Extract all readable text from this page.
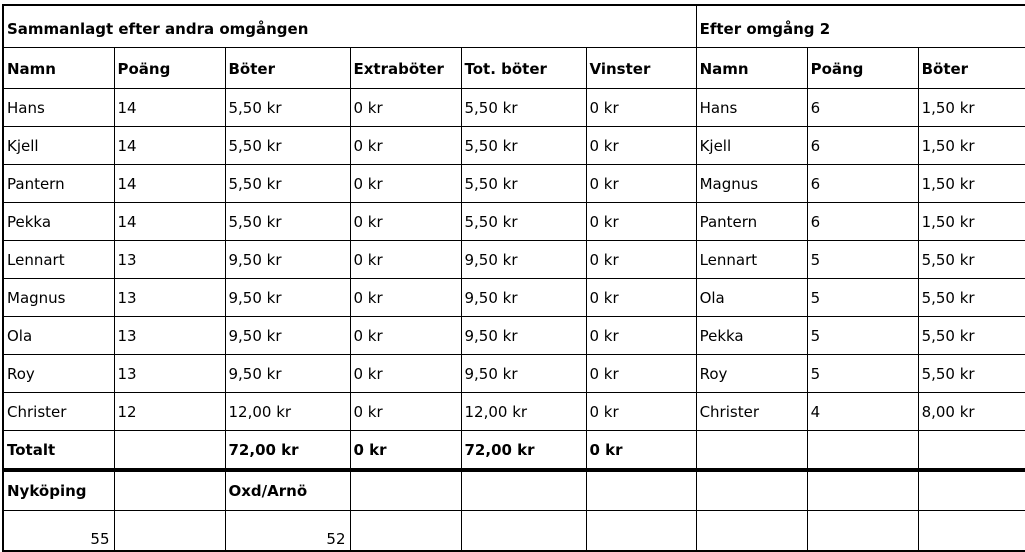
Sammanlagt efter andra omgången						Efter omgång 2		
Namn	Poäng	Böter	Extraböter	Tot. böter	Vinster	Namn	Poäng	Böter
Hans	14	5,50 kr	0 kr	5,50 kr	0 kr	Hans	6	1,50 kr
Kjell	14	5,50 kr	0 kr	5,50 kr	0 kr	Kjell	6	1,50 kr
Pantern	14	5,50 kr	0 kr	5,50 kr	0 kr	Magnus	6	1,50 kr
Pekka	14	5,50 kr	0 kr	5,50 kr	0 kr	Pantern	6	1,50 kr
Lennart	13	9,50 kr	0 kr	9,50 kr	0 kr	Lennart	5	5,50 kr
Magnus	13	9,50 kr	0 kr	9,50 kr	0 kr	Ola	5	5,50 kr
Ola	13	9,50 kr	0 kr	9,50 kr	0 kr	Pekka	5	5,50 kr
Roy	13	9,50 kr	0 kr	9,50 kr	0 kr	Roy	5	5,50 kr
Christer	12	12,00 kr	0 kr	12,00 kr	0 kr	Christer	4	8,00 kr
Totalt		72,00 kr	0 kr	72,00 kr	0 kr			
Nyköping		Oxd/Arnö						
55		52						
